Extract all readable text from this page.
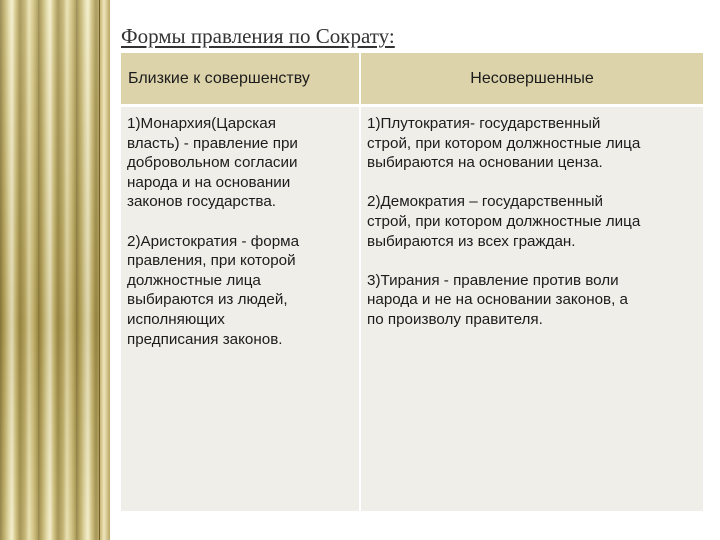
Формы правления по Сократу:
Близкие к совершенству	Несовершенные

1)Монархия(Царская
власть) - правление при
добровольном согласии
народа и на основании
законов государства.

2)Аристократия - форма
правления, при которой
должностные лица
выбираются из людей,
исполняющих
предписания законов.

1)Плутократия- государственный
строй, при котором должностные лица
выбираются на основании ценза.

2)Демократия – государственный
строй, при котором должностные лица
выбираются из всех граждан.

3)Тирания - правление против воли
народа и не на основании законов, а
по произволу правителя.
